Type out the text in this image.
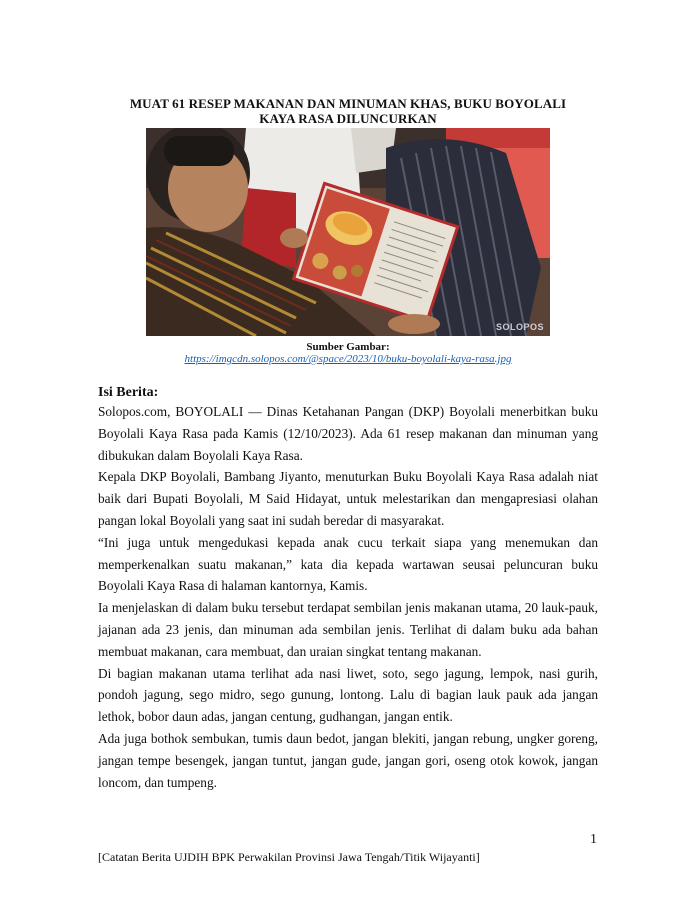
MUAT 61 RESEP MAKANAN DAN MINUMAN KHAS, BUKU BOYOLALI
KAYA RASA DILUNCURKAN
SOLOPOS
Sumber Gambar:
https://imgcdn.solopos.com/@space/2023/10/buku-boyolali-kaya-rasa.jpg
Isi Berita:

Solopos.com, BOYOLALI — Dinas Ketahanan Pangan (DKP) Boyolali menerbitkan buku Boyolali Kaya Rasa pada Kamis (12/10/2023). Ada 61 resep makanan dan minuman yang dibukukan dalam Boyolali Kaya Rasa.

Kepala DKP Boyolali, Bambang Jiyanto, menuturkan Buku Boyolali Kaya Rasa adalah niat baik dari Bupati Boyolali, M Said Hidayat, untuk melestarikan dan mengapresiasi olahan pangan lokal Boyolali yang saat ini sudah beredar di masyarakat.

“Ini juga untuk mengedukasi kepada anak cucu terkait siapa yang menemukan dan memperkenalkan suatu makanan,” kata dia kepada wartawan seusai peluncuran buku Boyolali Kaya Rasa di halaman kantornya, Kamis.

Ia menjelaskan di dalam buku tersebut terdapat sembilan jenis makanan utama, 20 lauk-pauk, jajanan ada 23 jenis, dan minuman ada sembilan jenis. Terlihat di dalam buku ada bahan membuat makanan, cara membuat, dan uraian singkat tentang makanan.

Di bagian makanan utama terlihat ada nasi liwet, soto, sego jagung, lempok, nasi gurih, pondoh jagung, sego midro, sego gunung, lontong. Lalu di bagian lauk pauk ada jangan lethok, bobor daun adas, jangan centung, gudhangan, jangan entik.

Ada juga bothok sembukan, tumis daun bedot, jangan blekiti, jangan rebung, ungker goreng, jangan tempe besengek, jangan tuntut, jangan gude, jangan gori, oseng otok kowok, jangan loncom, dan tumpeng.

1
[Catatan Berita UJDIH BPK Perwakilan Provinsi Jawa Tengah/Titik Wijayanti]
